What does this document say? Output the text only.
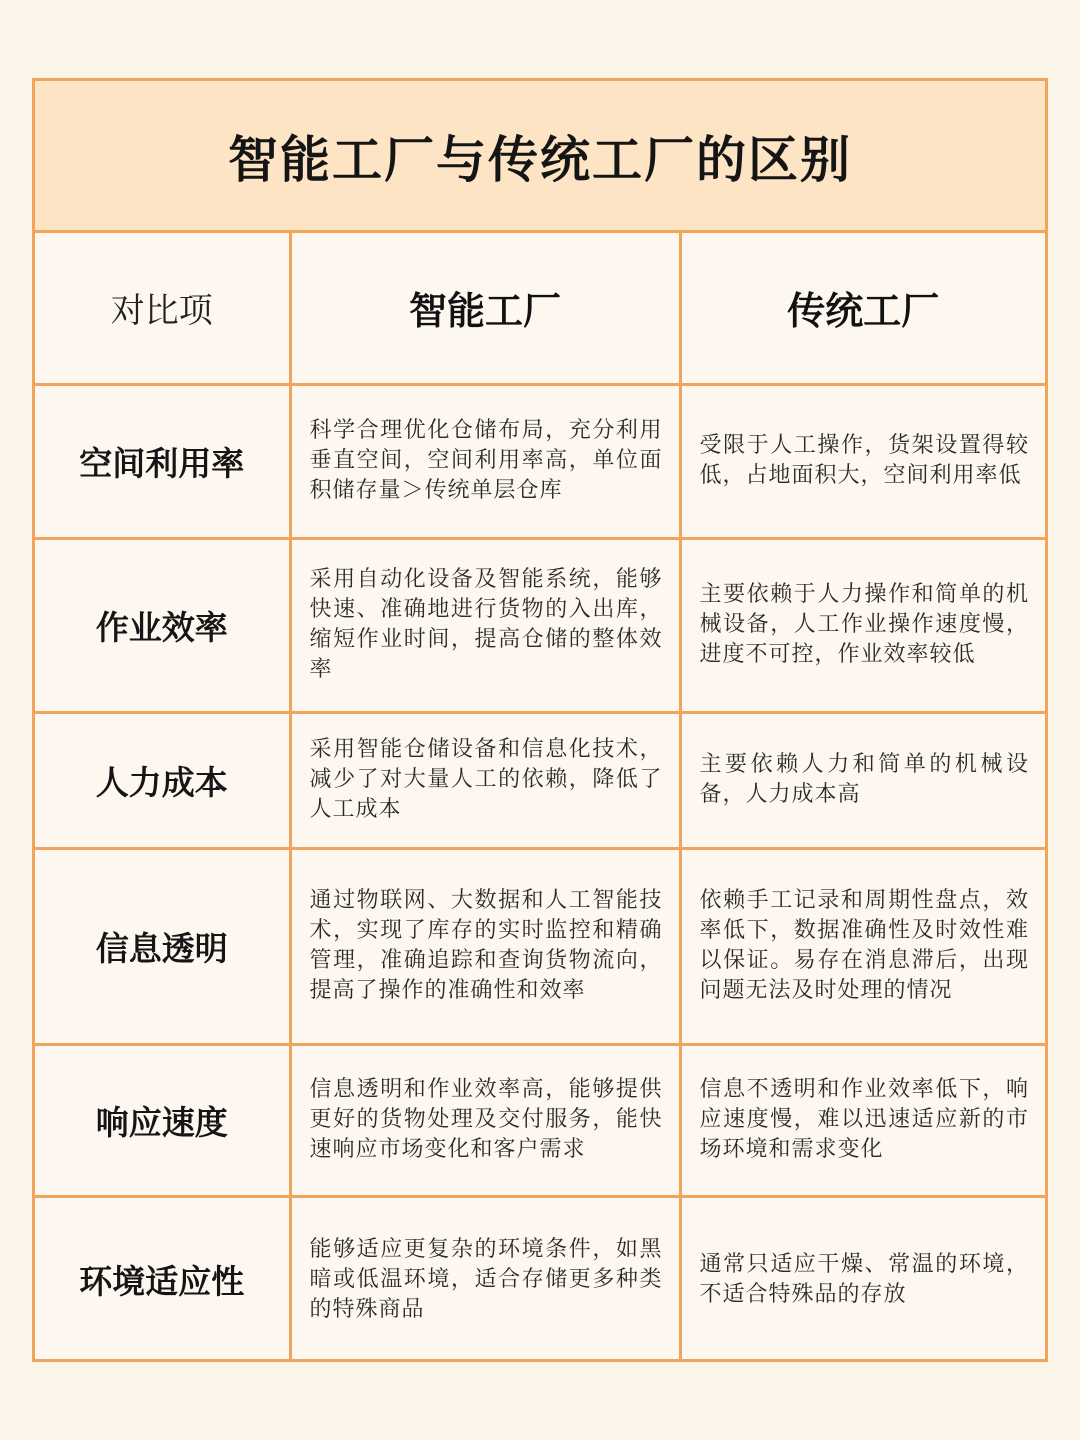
智能工厂与传统工厂的区别
对比项	智能工厂	传统工厂
空间利用率	科学合理优化仓储布局，充分利用垂直空间，空间利用率高，单位面积储存量＞传统单层仓库	受限于人工操作，货架设置得较低，占地面积大，空间利用率低
作业效率	采用自动化设备及智能系统，能够快速、准确地进行货物的入出库，缩短作业时间，提高仓储的整体效率	主要依赖于人力操作和简单的机械设备，人工作业操作速度慢，进度不可控，作业效率较低
人力成本	采用智能仓储设备和信息化技术，减少了对大量人工的依赖，降低了人工成本	主要依赖人力和简单的机械设备，人力成本高
信息透明	通过物联网、大数据和人工智能技术，实现了库存的实时监控和精确管理，准确追踪和查询货物流向，提高了操作的准确性和效率	依赖手工记录和周期性盘点，效率低下，数据准确性及时效性难以保证。易存在消息滞后，出现问题无法及时处理的情况
响应速度	信息透明和作业效率高，能够提供更好的货物处理及交付服务，能快速响应市场变化和客户需求	信息不透明和作业效率低下，响应速度慢，难以迅速适应新的市场环境和需求变化
环境适应性	能够适应更复杂的环境条件，如黑暗或低温环境，适合存储更多种类的特殊商品	通常只适应干燥、常温的环境，不适合特殊品的存放
